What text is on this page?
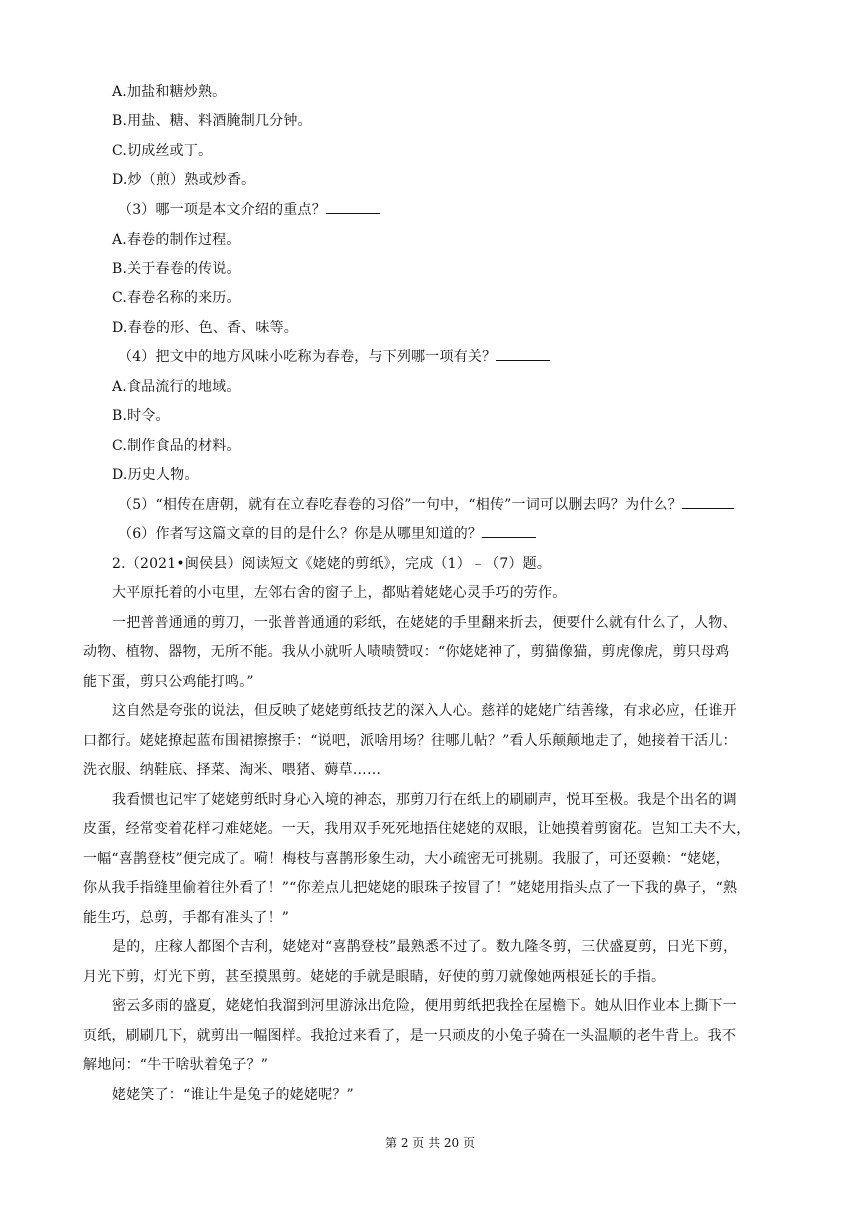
A.加盐和糖炒熟。
B.用盐、糖、料酒腌制几分钟。
C.切成丝或丁。
D.炒（煎）熟或炒香。
（3）哪一项是本文介绍的重点？
A.春卷的制作过程。
B.关于春卷的传说。
C.春卷名称的来历。
D.春卷的形、色、香、味等。
（4）把文中的地方风味小吃称为春卷，与下列哪一项有关？
A.食品流行的地域。
B.时令。
C.制作食品的材料。
D.历史人物。
（5）“相传在唐朝，就有在立春吃春卷的习俗”一句中，“相传”一词可以删去吗？为什么？
（6）作者写这篇文章的目的是什么？你是从哪里知道的？
2.（2021•闽侯县）阅读短文《姥姥的剪纸》，完成（1）﹣（7）题。
大平原托着的小屯里，左邻右舍的窗子上，都贴着姥姥心灵手巧的劳作。
一把普普通通的剪刀，一张普普通通的彩纸，在姥姥的手里翻来折去，便要什么就有什么了，人物、
动物、植物、器物，无所不能。我从小就听人啧啧赞叹：“你姥姥神了，剪猫像猫，剪虎像虎，剪只母鸡
能下蛋，剪只公鸡能打鸣。”
这自然是夸张的说法，但反映了姥姥剪纸技艺的深入人心。慈祥的姥姥广结善缘，有求必应，任谁开
口都行。姥姥撩起蓝布围裙擦擦手：“说吧，派啥用场？往哪儿帖？”看人乐颠颠地走了，她接着干活儿：
洗衣服、纳鞋底、择菜、淘米、喂猪、薅草……
我看惯也记牢了姥姥剪纸时身心入境的神态，那剪刀行在纸上的刷刷声，悦耳至极。我是个出名的调
皮蛋，经常变着花样刁难姥姥。一天，我用双手死死地捂住姥姥的双眼，让她摸着剪窗花。岂知工夫不大，
一幅“喜鹊登枝”便完成了。嗬！梅枝与喜鹊形象生动，大小疏密无可挑剔。我服了，可还耍赖：“姥姥，
你从我手指缝里偷着往外看了！”“你差点儿把姥姥的眼珠子按冒了！”姥姥用指头点了一下我的鼻子，“熟
能生巧，总剪，手都有准头了！”
是的，庄稼人都图个吉利，姥姥对“喜鹊登枝”最熟悉不过了。数九隆冬剪，三伏盛夏剪，日光下剪，
月光下剪，灯光下剪，甚至摸黑剪。姥姥的手就是眼睛，好使的剪刀就像她两根延长的手指。
密云多雨的盛夏，姥姥怕我溜到河里游泳出危险，便用剪纸把我拴在屋檐下。她从旧作业本上撕下一
页纸，刷刷几下，就剪出一幅图样。我抢过来看了，是一只顽皮的小兔子骑在一头温顺的老牛背上。我不
解地问：“牛干啥驮着兔子？”
姥姥笑了：“谁让牛是兔子的姥姥呢？”
第 2 页 共 20 页
